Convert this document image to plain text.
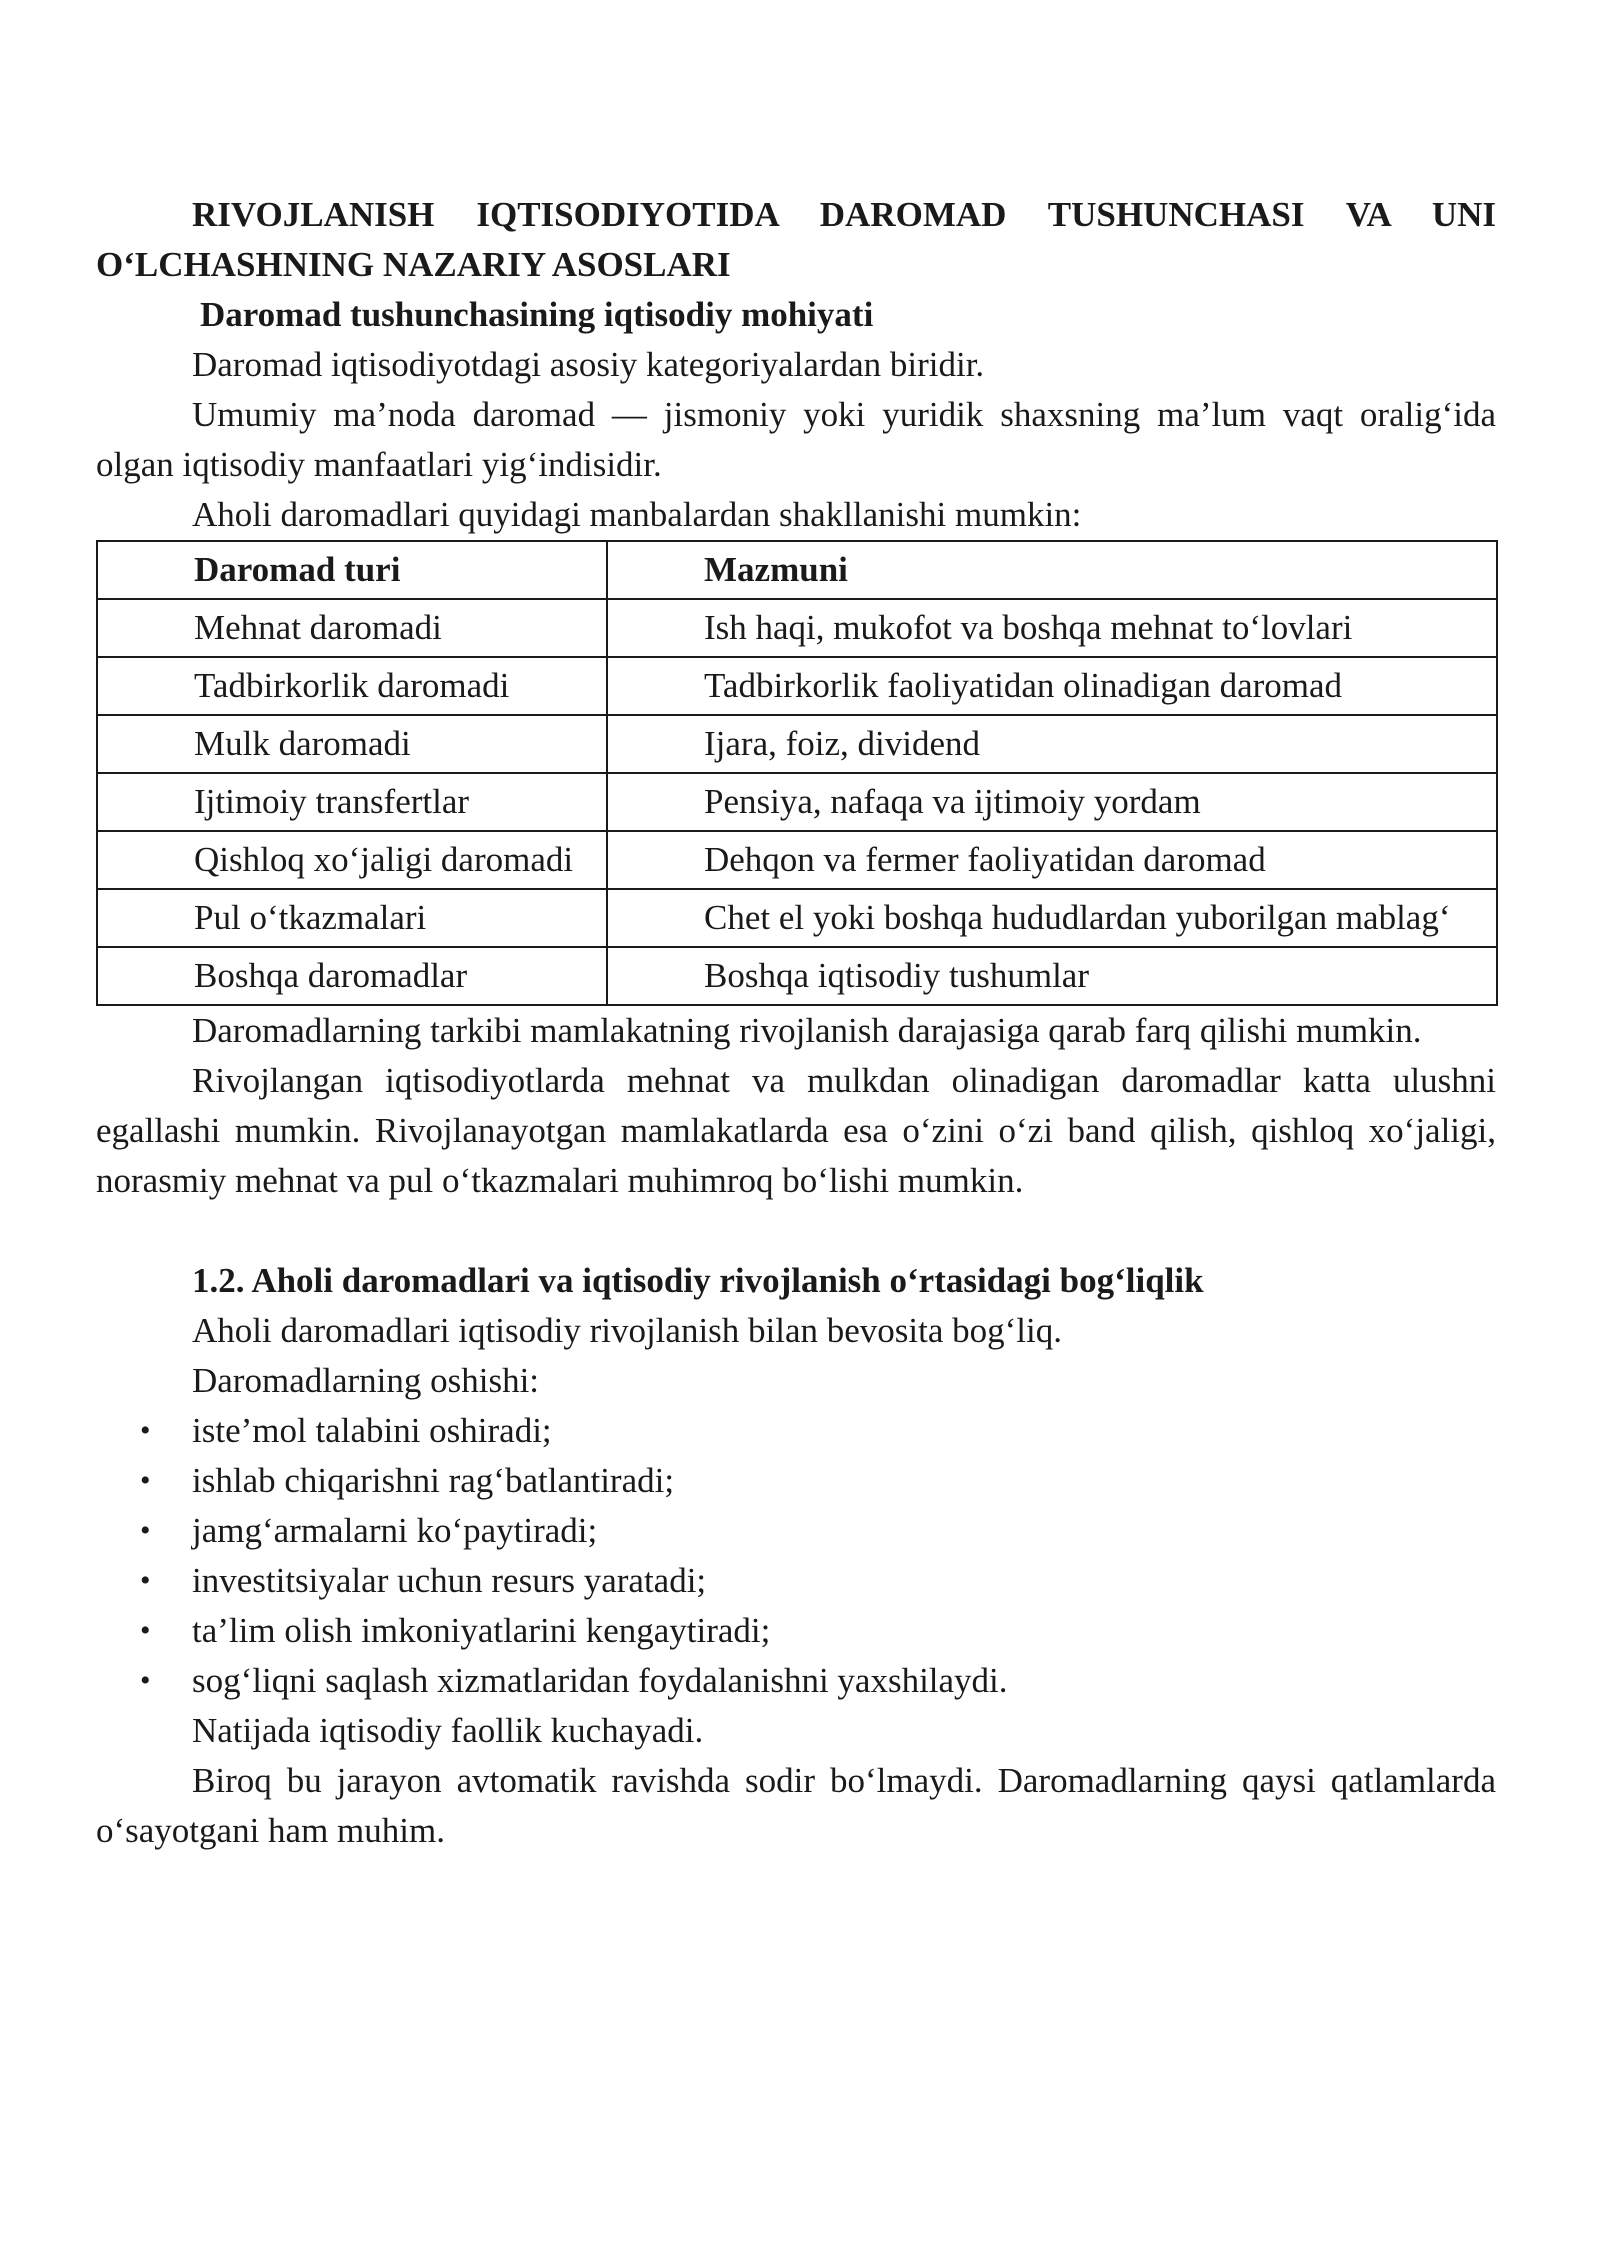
RIVOJLANISH IQTISODIYOTIDA DAROMAD TUSHUNCHASI VA UNI O‘LCHASHNING NAZARIY ASOSLARI

Daromad tushunchasining iqtisodiy mohiyati

Daromad iqtisodiyotdagi asosiy kategoriyalardan biridir.

Umumiy ma’noda daromad — jismoniy yoki yuridik shaxsning ma’lum vaqt oralig‘ida olgan iqtisodiy manfaatlari yig‘indisidir.

Aholi daromadlari quyidagi manbalardan shakllanishi mumkin:

Daromad turi	Mazmuni

Mehnat daromadi	Ish haqi, mukofot va boshqa mehnat to‘lovlari

Tadbirkorlik daromadi	Tadbirkorlik faoliyatidan olinadigan daromad

Mulk daromadi	Ijara, foiz, dividend

Ijtimoiy transfertlar	Pensiya, nafaqa va ijtimoiy yordam

Qishloq xo‘jaligi daromadi	Dehqon va fermer faoliyatidan daromad

Pul o‘tkazmalari	Chet el yoki boshqa hududlardan yuborilgan mablag‘

Boshqa daromadlar	Boshqa iqtisodiy tushumlar

Daromadlarning tarkibi mamlakatning rivojlanish darajasiga qarab farq qilishi mumkin.

Rivojlangan iqtisodiyotlarda mehnat va mulkdan olinadigan daromadlar katta ulushni egallashi mumkin. Rivojlanayotgan mamlakatlarda esa o‘zini o‘zi band qilish, qishloq xo‘jaligi, norasmiy mehnat va pul o‘tkazmalari muhimroq bo‘lishi mumkin.

1.2. Aholi daromadlari va iqtisodiy rivojlanish o‘rtasidagi bog‘liqlik

Aholi daromadlari iqtisodiy rivojlanish bilan bevosita bog‘liq.

Daromadlarning oshishi:

• iste’mol talabini oshiradi;
• ishlab chiqarishni rag‘batlantiradi;
• jamg‘armalarni ko‘paytiradi;
• investitsiyalar uchun resurs yaratadi;
• ta’lim olish imkoniyatlarini kengaytiradi;
• sog‘liqni saqlash xizmatlaridan foydalanishni yaxshilaydi.

Natijada iqtisodiy faollik kuchayadi.

Biroq bu jarayon avtomatik ravishda sodir bo‘lmaydi. Daromadlarning qaysi qatlamlarda o‘sayotgani ham muhim.
